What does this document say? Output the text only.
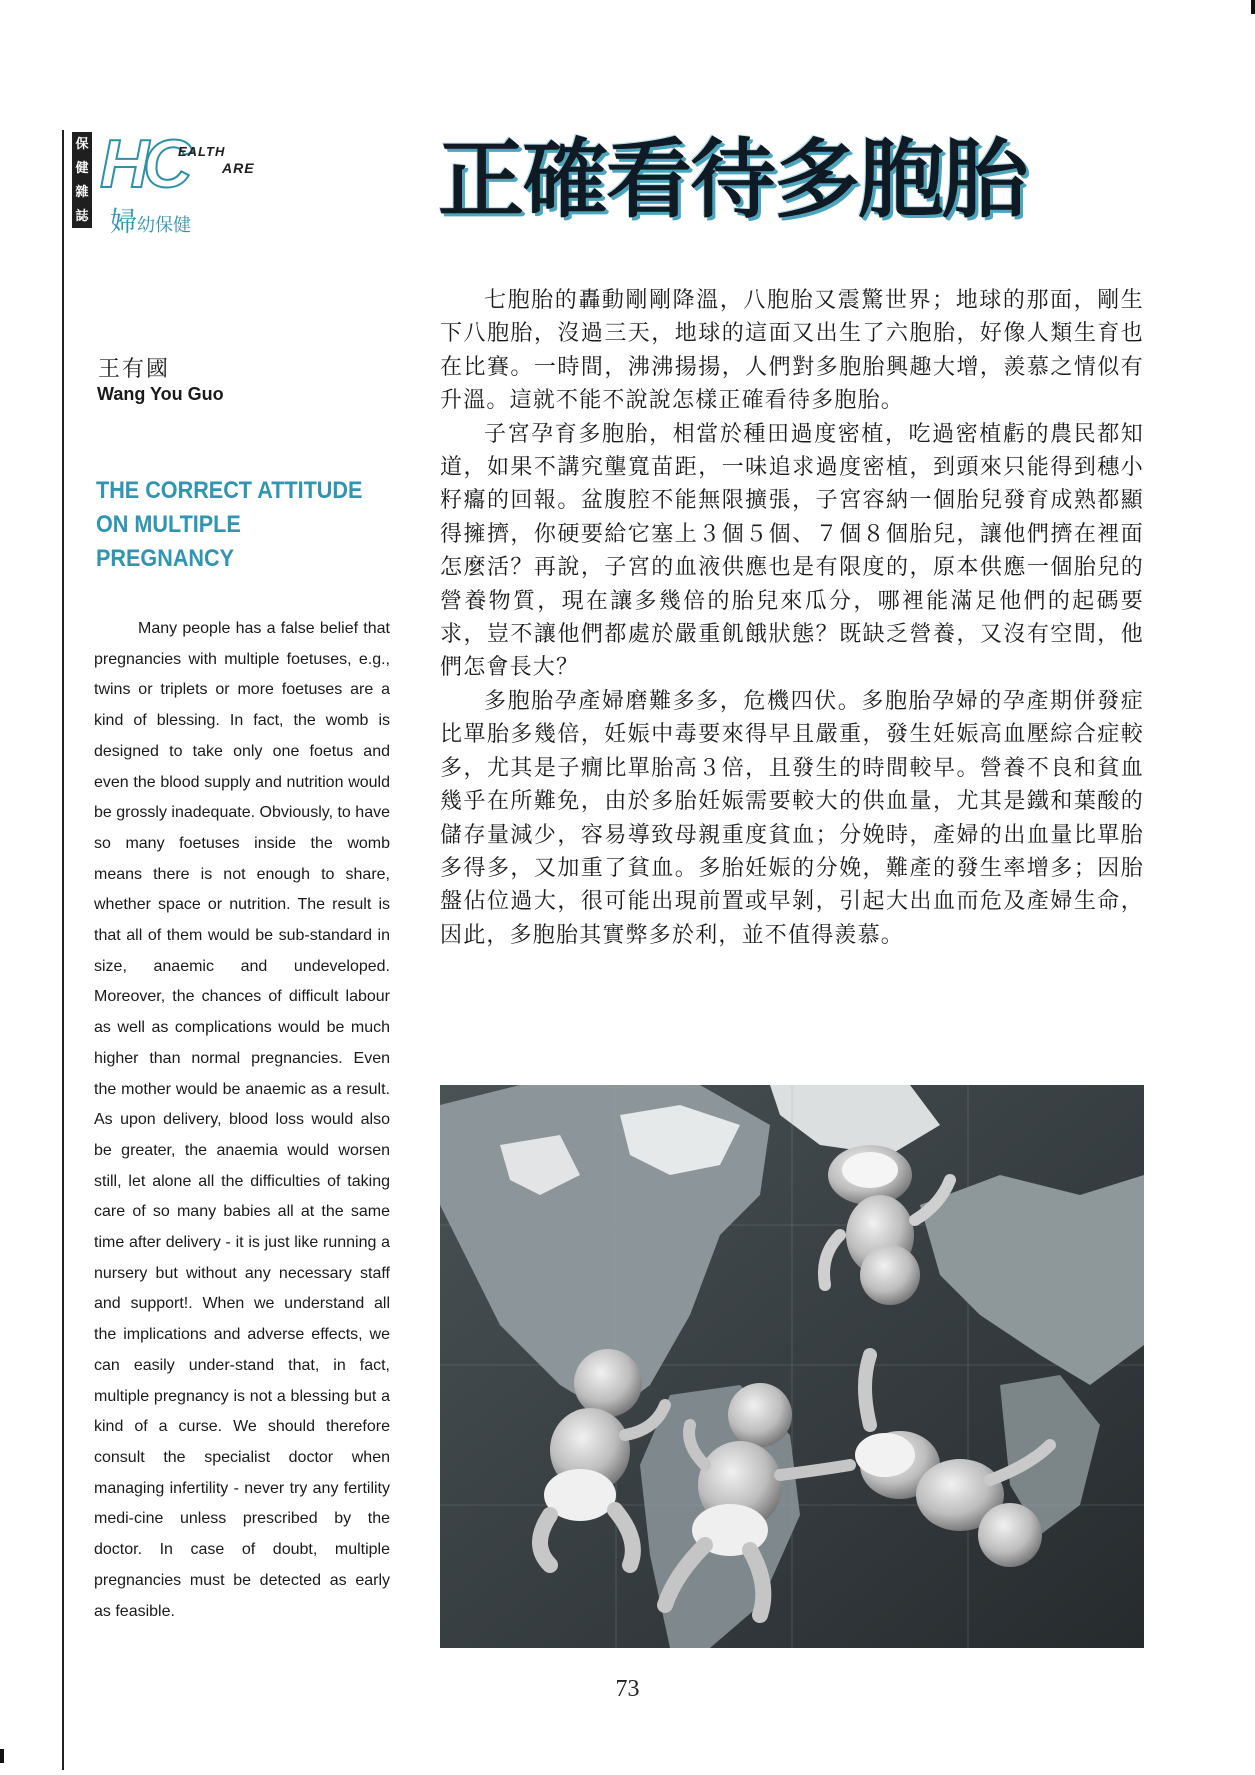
保
健
雜
誌
HC
EALTH
ARE
婦幼保健	正確看待多胞胎
王有國
Wang You Guo
THE CORRECT ATTITUDE ON MULTIPLE PREGNANCY
Many people has a false belief that pregnancies with multiple foetuses, e.g., twins or triplets or more foetuses are a kind of blessing. In fact, the womb is designed to take only one foetus and even the blood supply and nutrition would be grossly inadequate. Obviously, to have so many foetuses inside the womb means there is not enough to share, whether space or nutrition. The result is that all of them would be sub-standard in size, anaemic and undeveloped. Moreover, the chances of difficult labour as well as complications would be much higher than normal pregnancies. Even the mother would be anaemic as a result. As upon delivery, blood loss would also be greater, the anaemia would worsen still, let alone all the difficulties of taking care of so many babies all at the same time after delivery - it is just like running a nursery but without any necessary staff and support!. When we understand all the implications and adverse effects, we can easily under-stand that, in fact, multiple pregnancy is not a blessing but a kind of a curse. We should therefore consult the specialist doctor when managing infertility - never try any fertility medi-cine unless prescribed by the doctor. In case of doubt, multiple pregnancies must be detected as early as feasible.

七胞胎的轟動剛剛降溫，八胞胎又震驚世界；地球的那面，剛生下八胞胎，沒過三天，地球的這面又出生了六胞胎，好像人類生育也在比賽。一時間，沸沸揚揚，人們對多胞胎興趣大增，羨慕之情似有升溫。這就不能不說說怎樣正確看待多胞胎。

子宮孕育多胞胎，相當於種田過度密植，吃過密植虧的農民都知道，如果不講究壟寬苗距，一味追求過度密植，到頭來只能得到穗小籽癟的回報。盆腹腔不能無限擴張，子宮容納一個胎兒發育成熟都顯得擁擠，你硬要給它塞上３個５個、７個８個胎兒，讓他們擠在裡面怎麼活？再說，子宮的血液供應也是有限度的，原本供應一個胎兒的營養物質，現在讓多幾倍的胎兒來瓜分，哪裡能滿足他們的起碼要求，豈不讓他們都處於嚴重飢餓狀態？既缺乏營養，又沒有空間，他們怎會長大？

多胞胎孕產婦磨難多多，危機四伏。多胞胎孕婦的孕產期併發症比單胎多幾倍，妊娠中毒要來得早且嚴重，發生妊娠高血壓綜合症較多，尤其是子癇比單胎高３倍，且發生的時間較早。營養不良和貧血幾乎在所難免，由於多胎妊娠需要較大的供血量，尤其是鐵和葉酸的儲存量減少，容易導致母親重度貧血；分娩時，產婦的出血量比單胎多得多，又加重了貧血。多胎妊娠的分娩，難產的發生率增多；因胎盤佔位過大，很可能出現前置或早剝，引起大出血而危及產婦生命，因此，多胞胎其實弊多於利，並不值得羨慕。

73
